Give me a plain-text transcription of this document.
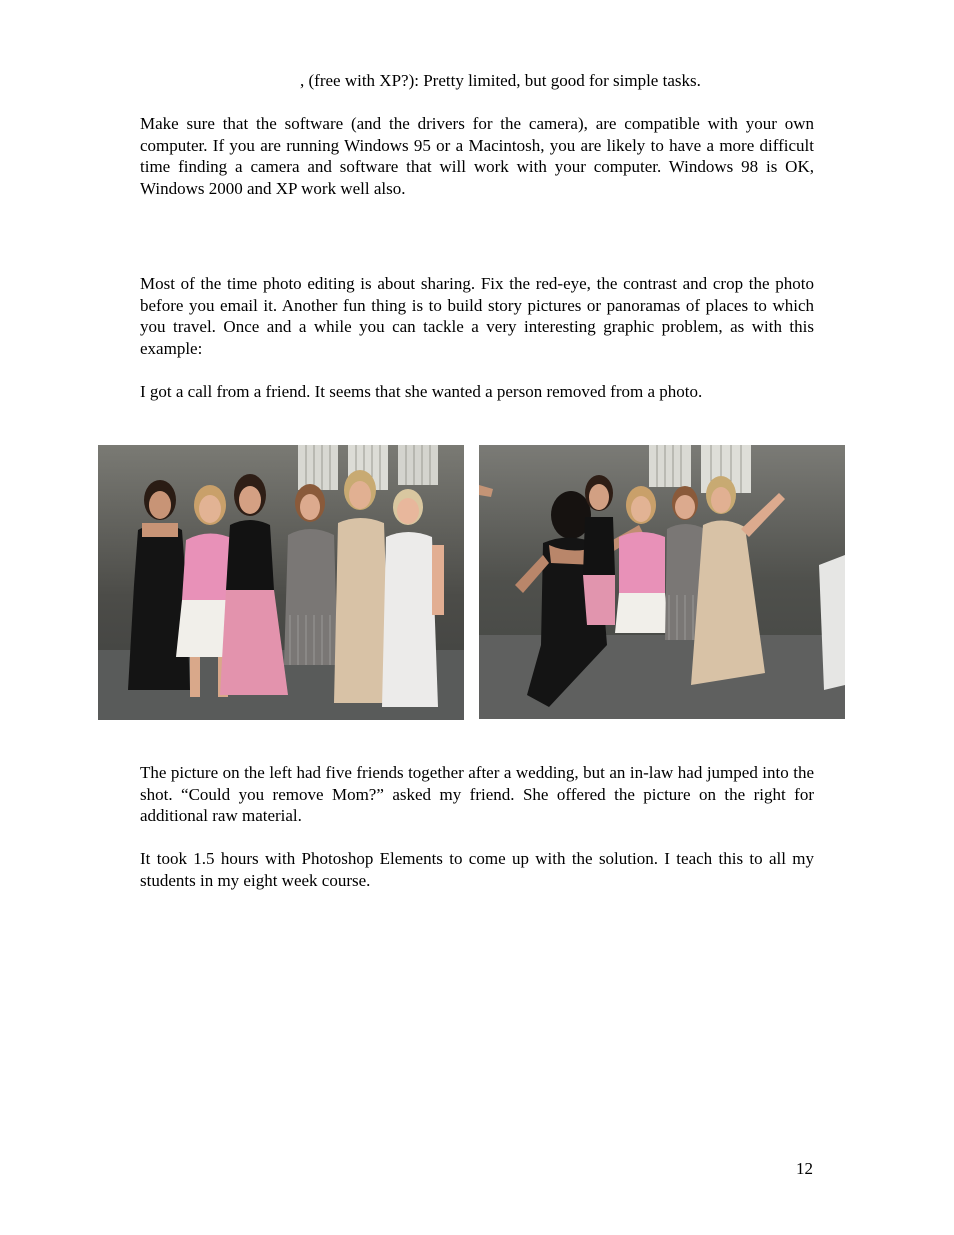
, (free with XP?): Pretty limited, but good for simple tasks.

Make sure that the software (and the drivers for the camera), are compatible with your own computer. If you are running Windows 95 or a Macintosh, you are likely to have a more difficult time finding a camera and software that will work with your computer. Windows 98 is OK, Windows 2000 and XP work well also.

Most of the time photo editing is about sharing. Fix the red-eye, the contrast and crop the photo before you email it. Another fun thing is to build story pictures or panoramas of places to which you travel. Once and a while you can tackle a very interesting graphic problem, as with this example:

I got a call from a friend. It seems that she wanted a person removed from a photo.

The picture on the left had five friends together after a wedding, but an in-law had jumped into the shot. “Could you remove Mom?” asked my friend. She offered the picture on the right for additional raw material.

It took 1.5 hours with Photoshop Elements to come up with the solution. I teach this to all my students in my eight week course.

12
